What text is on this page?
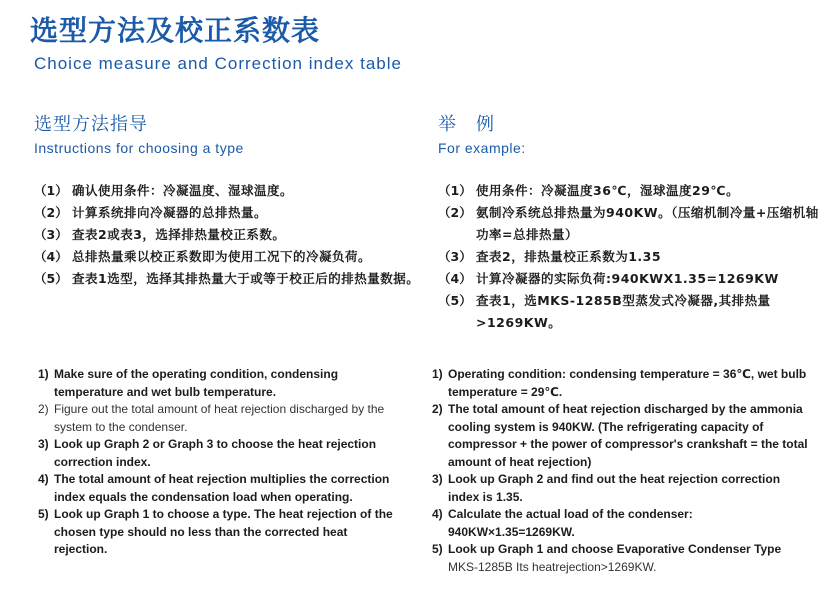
选型方法及校正系数表
Choice measure and Correction index table
选型方法指导
Instructions for choosing a type
（1） 确认使用条件：冷凝温度、湿球温度。
（2） 计算系统排向冷凝器的总排热量。
（3） 查表2或表3，选择排热量校正系数。
（4） 总排热量乘以校正系数即为使用工况下的冷凝负荷。
（5） 查表1选型，选择其排热量大于或等于校正后的排热量数据。
举　例
For example:
（1） 使用条件：冷凝温度36℃，湿球温度29℃。
（2） 氨制冷系统总排热量为940KW。（压缩机制冷量+压缩机轴功率=总排热量）
（3） 查表2，排热量校正系数为1.35
（4） 计算冷凝器的实际负荷:940KWX1.35=1269KW
（5） 查表1，选MKS-1285B型蒸发式冷凝器,其排热量>1269KW。
1) Make sure of the operating condition, condensing temperature and wet bulb temperature.
2) Figure out the total amount of heat rejection discharged by the system to the condenser.
3) Look up Graph 2 or Graph 3 to choose the heat rejection correction index.
4) The total amount of heat rejection multiplies the correction index equals the condensation load when operating.
5) Look up Graph 1 to choose a type. The heat rejection of the chosen type should no less than the corrected heat rejection.
1) Operating condition: condensing temperature = 36℃, wet bulb temperature = 29℃.
2) The total amount of heat rejection discharged by the ammonia cooling system is 940KW. (The refrigerating capacity of compressor + the power of compressor's crankshaft = the total amount of heat rejection)
3) Look up Graph 2 and find out the heat rejection correction index is 1.35.
4) Calculate the actual load of the condenser: 940KW×1.35=1269KW.
5) Look up Graph 1 and choose Evaporative Condenser Type MKS-1285B Its heatrejection>1269KW.
